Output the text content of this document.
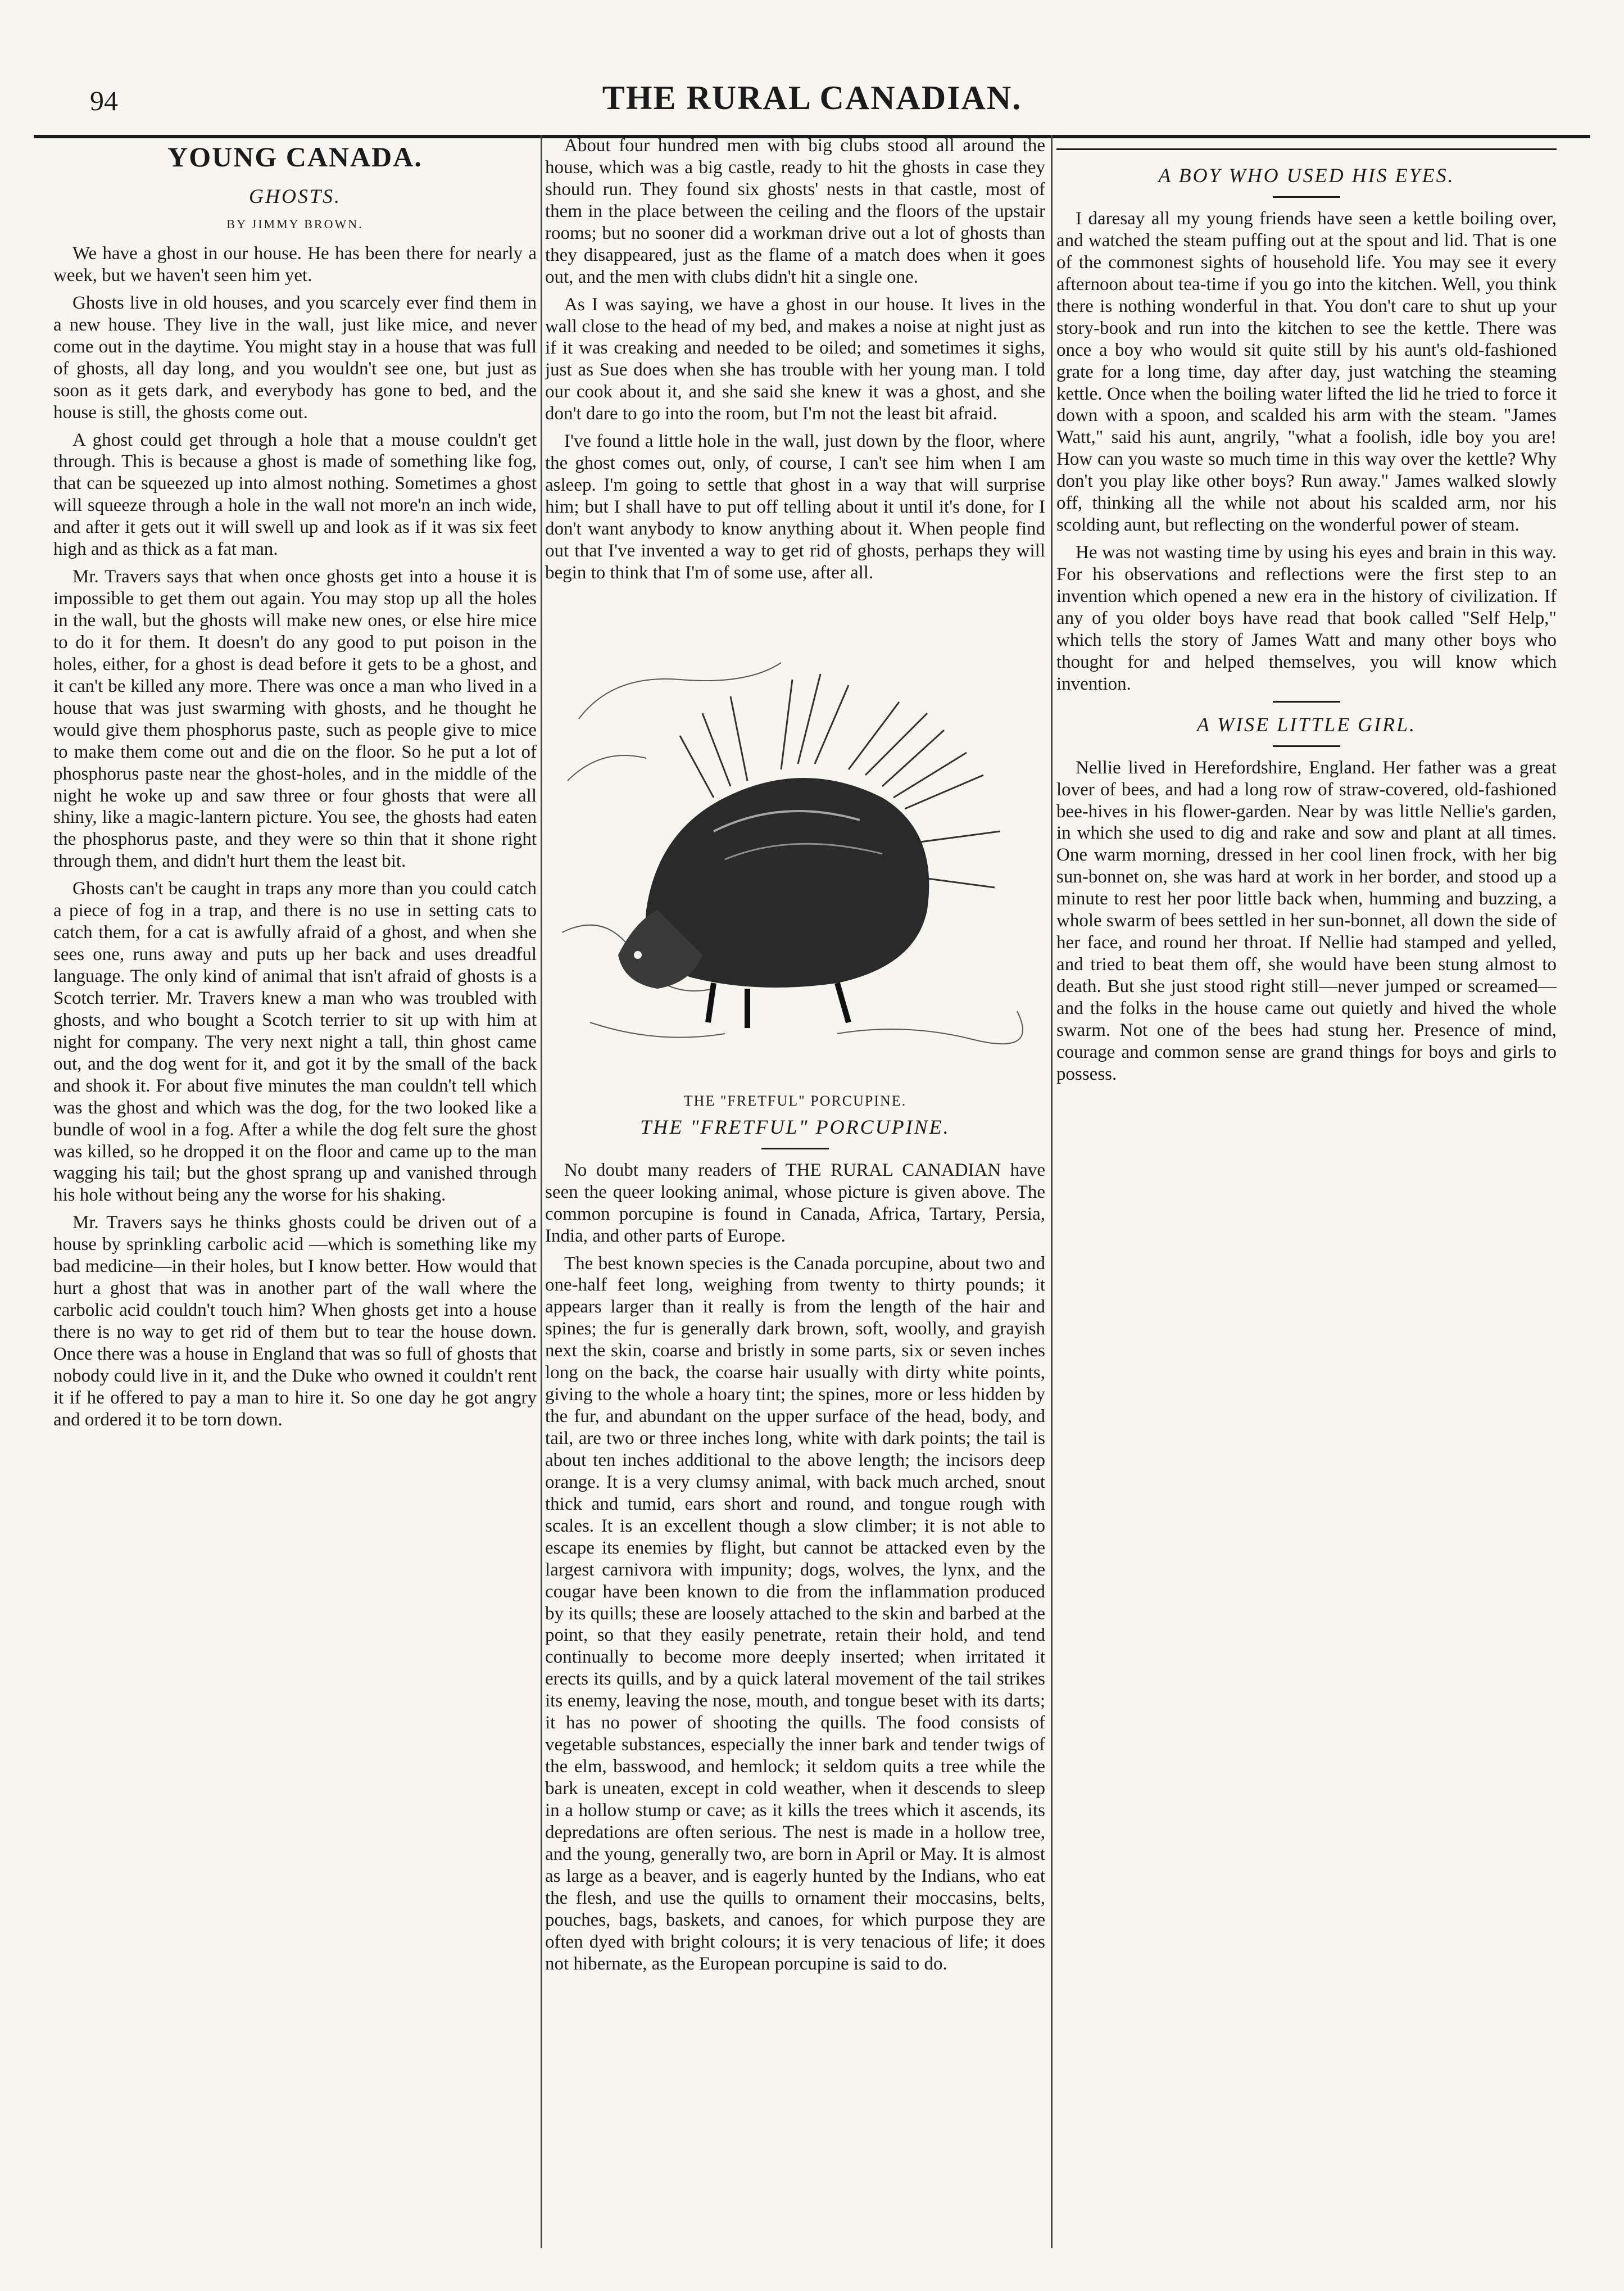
94	THE RURAL CANADIAN.
YOUNG CANADA.
GHOSTS.
BY JIMMY BROWN.

We have a ghost in our house. He has been there for nearly a week, but we haven't seen him yet.

Ghosts live in old houses, and you scarcely ever find them in a new house. They live in the wall, just like mice, and never come out in the daytime. You might stay in a house that was full of ghosts, all day long, and you wouldn't see one, but just as soon as it gets dark, and everybody has gone to bed, and the house is still, the ghosts come out.

A ghost could get through a hole that a mouse couldn't get through. This is because a ghost is made of something like fog, that can be squeezed up into almost nothing. Sometimes a ghost will squeeze through a hole in the wall not more'n an inch wide, and after it gets out it will swell up and look as if it was six feet high and as thick as a fat man.

Mr. Travers says that when once ghosts get into a house it is impossible to get them out again. You may stop up all the holes in the wall, but the ghosts will make new ones, or else hire mice to do it for them. It doesn't do any good to put poison in the holes, either, for a ghost is dead before it gets to be a ghost, and it can't be killed any more. There was once a man who lived in a house that was just swarming with ghosts, and he thought he would give them phosphorus paste, such as people give to mice to make them come out and die on the floor. So he put a lot of phosphorus paste near the ghost-holes, and in the middle of the night he woke up and saw three or four ghosts that were all shiny, like a magic-lantern picture. You see, the ghosts had eaten the phosphorus paste, and they were so thin that it shone right through them, and didn't hurt them the least bit.

Ghosts can't be caught in traps any more than you could catch a piece of fog in a trap, and there is no use in setting cats to catch them, for a cat is awfully afraid of a ghost, and when she sees one, runs away and puts up her back and uses dreadful language. The only kind of animal that isn't afraid of ghosts is a Scotch terrier. Mr. Travers knew a man who was troubled with ghosts, and who bought a Scotch terrier to sit up with him at night for company. The very next night a tall, thin ghost came out, and the dog went for it, and got it by the small of the back and shook it. For about five minutes the man couldn't tell which was the ghost and which was the dog, for the two looked like a bundle of wool in a fog. After a while the dog felt sure the ghost was killed, so he dropped it on the floor and came up to the man wagging his tail; but the ghost sprang up and vanished through his hole without being any the worse for his shaking.

Mr. Travers says he thinks ghosts could be driven out of a house by sprinkling carbolic acid —which is something like my bad medicine—in their holes, but I know better. How would that hurt a ghost that was in another part of the wall where the carbolic acid couldn't touch him? When ghosts get into a house there is no way to get rid of them but to tear the house down. Once there was a house in England that was so full of ghosts that nobody could live in it, and the Duke who owned it couldn't rent it if he offered to pay a man to hire it. So one day he got angry and ordered it to be torn down.

About four hundred men with big clubs stood all around the house, which was a big castle, ready to hit the ghosts in case they should run. They found six ghosts' nests in that castle, most of them in the place between the ceiling and the floors of the upstair rooms; but no sooner did a workman drive out a lot of ghosts than they disappeared, just as the flame of a match does when it goes out, and the men with clubs didn't hit a single one.

As I was saying, we have a ghost in our house. It lives in the wall close to the head of my bed, and makes a noise at night just as if it was creaking and needed to be oiled; and sometimes it sighs, just as Sue does when she has trouble with her young man. I told our cook about it, and she said she knew it was a ghost, and she don't dare to go into the room, but I'm not the least bit afraid.

I've found a little hole in the wall, just down by the floor, where the ghost comes out, only, of course, I can't see him when I am asleep. I'm going to settle that ghost in a way that will surprise him; but I shall have to put off telling about it until it's done, for I don't want anybody to know anything about it. When people find out that I've invented a way to get rid of ghosts, perhaps they will begin to think that I'm of some use, after all.

THE "FRETFUL" PORCUPINE.
THE "FRETFUL" PORCUPINE.

No doubt many readers of THE RURAL CANADIAN have seen the queer looking animal, whose picture is given above. The common porcupine is found in Canada, Africa, Tartary, Persia, India, and other parts of Europe.

The best known species is the Canada porcupine, about two and one-half feet long, weighing from twenty to thirty pounds; it appears larger than it really is from the length of the hair and spines; the fur is generally dark brown, soft, woolly, and grayish next the skin, coarse and bristly in some parts, six or seven inches long on the back, the coarse hair usually with dirty white points, giving to the whole a hoary tint; the spines, more or less hidden by the fur, and abundant on the upper surface of the head, body, and tail, are two or three inches long, white with dark points; the tail is about ten inches additional to the above length; the incisors deep orange. It is a very clumsy animal, with back much arched, snout thick and tumid, ears short and round, and tongue rough with scales. It is an excellent though a slow climber; it is not able to escape its enemies by flight, but cannot be attacked even by the largest carnivora with impunity; dogs, wolves, the lynx, and the cougar have been known to die from the inflammation produced by its quills; these are loosely attached to the skin and barbed at the point, so that they easily penetrate, retain their hold, and tend continually to become more deeply inserted; when irritated it erects its quills, and by a quick lateral movement of the tail strikes its enemy, leaving the nose, mouth, and tongue beset with its darts; it has no power of shooting the quills. The food consists of vegetable substances, especially the inner bark and tender twigs of the elm, basswood, and hemlock; it seldom quits a tree while the bark is uneaten, except in cold weather, when it descends to sleep in a hollow stump or cave; as it kills the trees which it ascends, its depredations are often serious. The nest is made in a hollow tree, and the young, generally two, are born in April or May. It is almost as large as a beaver, and is eagerly hunted by the Indians, who eat the flesh, and use the quills to ornament their moccasins, belts, pouches, bags, baskets, and canoes, for which purpose they are often dyed with bright colours; it is very tenacious of life; it does not hibernate, as the European porcupine is said to do.

A BOY WHO USED HIS EYES.

I daresay all my young friends have seen a kettle boiling over, and watched the steam puffing out at the spout and lid. That is one of the commonest sights of household life. You may see it every afternoon about tea-time if you go into the kitchen. Well, you think there is nothing wonderful in that. You don't care to shut up your story-book and run into the kitchen to see the kettle. There was once a boy who would sit quite still by his aunt's old-fashioned grate for a long time, day after day, just watching the steaming kettle. Once when the boiling water lifted the lid he tried to force it down with a spoon, and scalded his arm with the steam. "James Watt," said his aunt, angrily, "what a foolish, idle boy you are! How can you waste so much time in this way over the kettle? Why don't you play like other boys? Run away." James walked slowly off, thinking all the while not about his scalded arm, nor his scolding aunt, but reflecting on the wonderful power of steam.

He was not wasting time by using his eyes and brain in this way. For his observations and reflections were the first step to an invention which opened a new era in the history of civilization. If any of you older boys have read that book called "Self Help," which tells the story of James Watt and many other boys who thought for and helped themselves, you will know which invention.

A WISE LITTLE GIRL.

Nellie lived in Herefordshire, England. Her father was a great lover of bees, and had a long row of straw-covered, old-fashioned bee-hives in his flower-garden. Near by was little Nellie's garden, in which she used to dig and rake and sow and plant at all times. One warm morning, dressed in her cool linen frock, with her big sun-bonnet on, she was hard at work in her border, and stood up a minute to rest her poor little back when, humming and buzzing, a whole swarm of bees settled in her sun-bonnet, all down the side of her face, and round her throat. If Nellie had stamped and yelled, and tried to beat them off, she would have been stung almost to death. But she just stood right still—never jumped or screamed—and the folks in the house came out quietly and hived the whole swarm. Not one of the bees had stung her. Presence of mind, courage and common sense are grand things for boys and girls to possess.
